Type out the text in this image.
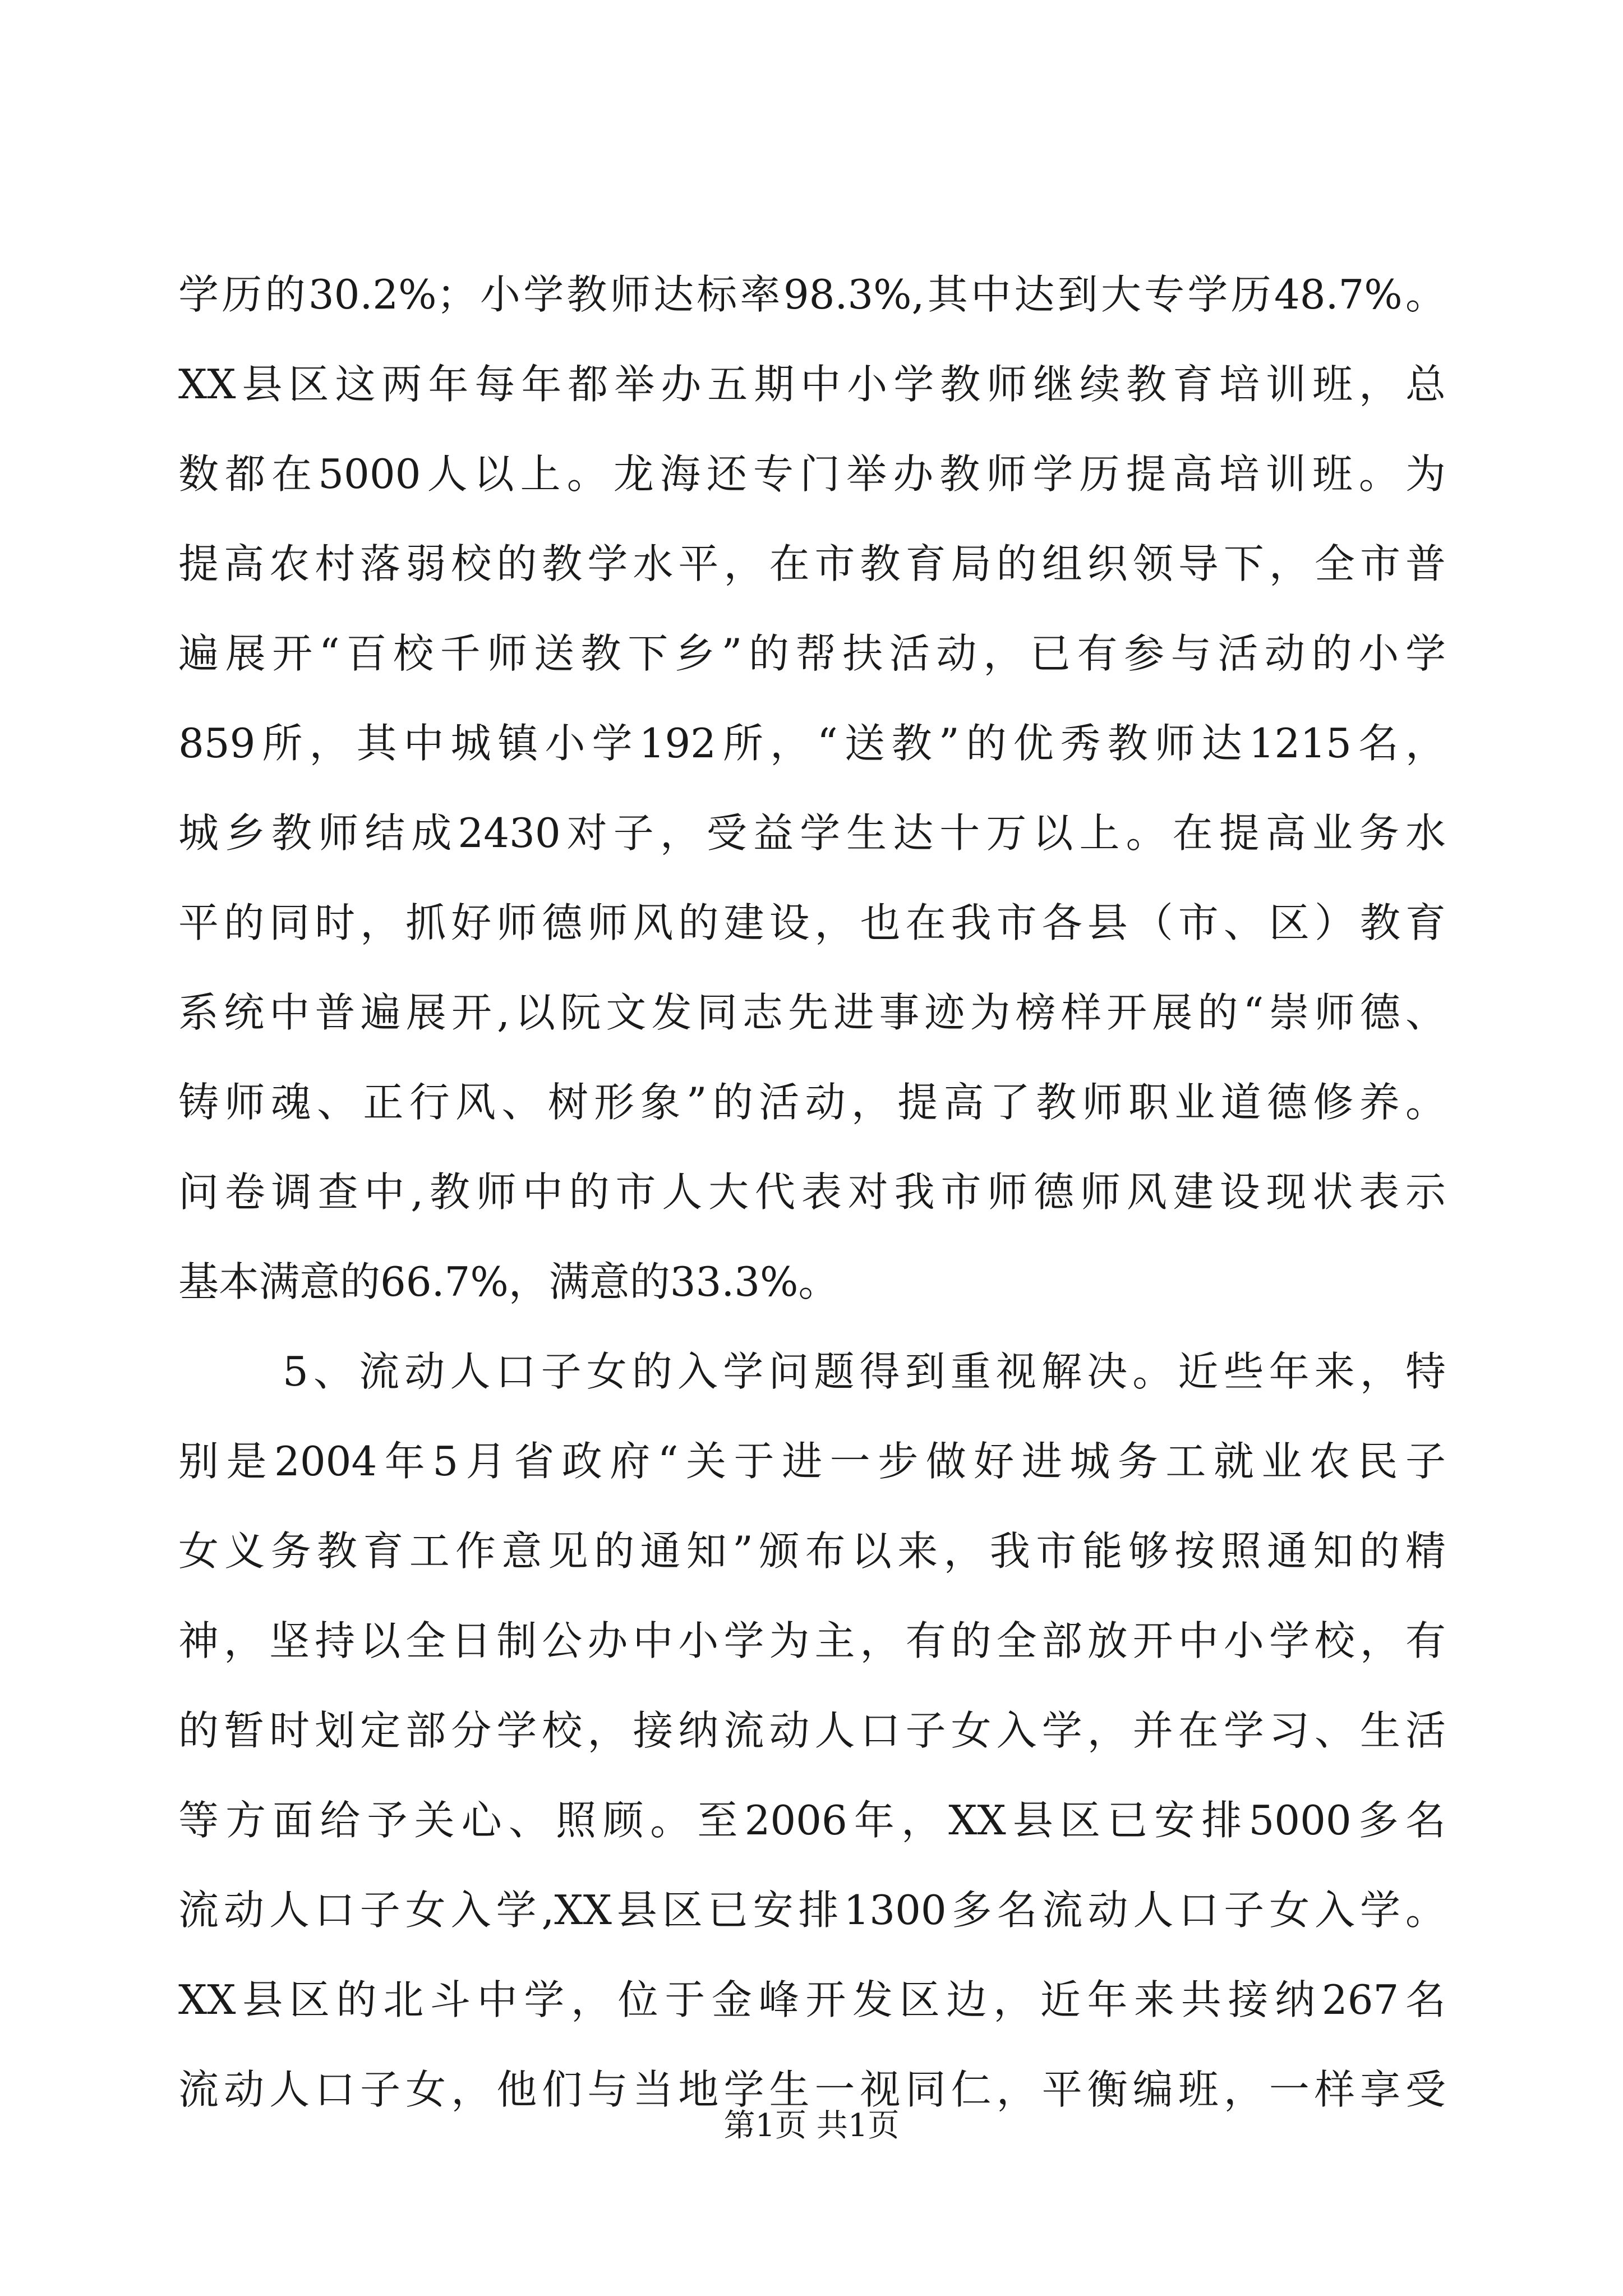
学历的30.2%；小学教师达标率98.3%,其中达到大专学历48.7%。
XX县区这两年每年都举办五期中小学教师继续教育培训班，总
数都在5000人以上。龙海还专门举办教师学历提高培训班。为
提高农村落弱校的教学水平，在市教育局的组织领导下，全市普
遍展开“百校千师送教下乡”的帮扶活动，已有参与活动的小学
859所，其中城镇小学192所，“送教”的优秀教师达1215名，
城乡教师结成2430对子，受益学生达十万以上。在提高业务水
平的同时，抓好师德师风的建设，也在我市各县（市、区）教育
系统中普遍展开,以阮文发同志先进事迹为榜样开展的“崇师德、
铸师魂、正行风、树形象”的活动，提高了教师职业道德修养。
问卷调查中,教师中的市人大代表对我市师德师风建设现状表示
基本满意的66.7%，满意的33.3%。
5、流动人口子女的入学问题得到重视解决。近些年来，特
别是2004年5月省政府“关于进一步做好进城务工就业农民子
女义务教育工作意见的通知”颁布以来，我市能够按照通知的精
神，坚持以全日制公办中小学为主，有的全部放开中小学校，有
的暂时划定部分学校，接纳流动人口子女入学，并在学习、生活
等方面给予关心、照顾。至2006年，XX县区已安排5000多名
流动人口子女入学,XX县区已安排1300多名流动人口子女入学。
XX县区的北斗中学，位于金峰开发区边，近年来共接纳267名
流动人口子女，他们与当地学生一视同仁，平衡编班，一样享受
第1页 共1页
